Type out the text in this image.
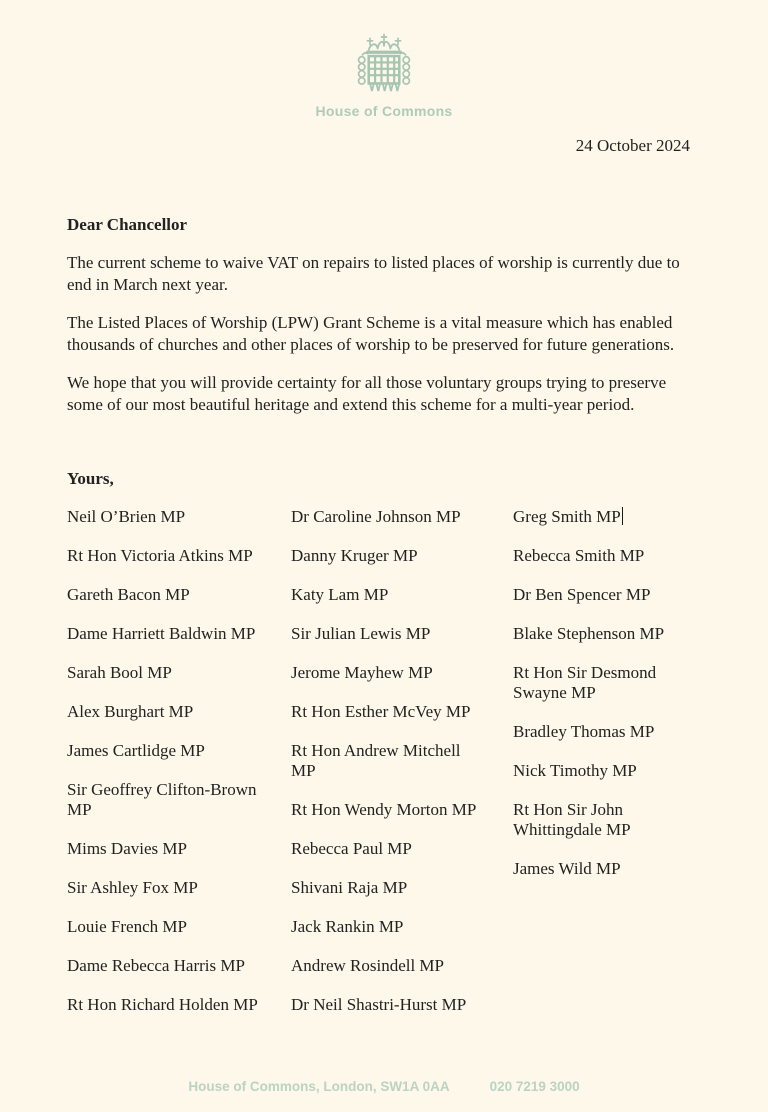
House of Commons
24 October 2024

Dear Chancellor

The current scheme to waive VAT on repairs to listed places of worship is currently due to end in March next year.

The Listed Places of Worship (LPW) Grant Scheme is a vital measure which has enabled thousands of churches and other places of worship to be preserved for future generations.

We hope that you will provide certainty for all those voluntary groups trying to preserve some of our most beautiful heritage and extend this scheme for a multi-year period.

Yours,

Neil O’Brien MP

Rt Hon Victoria Atkins MP

Gareth Bacon MP

Dame Harriett Baldwin MP

Sarah Bool MP

Alex Burghart MP

James Cartlidge MP

Sir Geoffrey Clifton-Brown MP

Mims Davies MP

Sir Ashley Fox MP

Louie French MP

Dame Rebecca Harris MP

Rt Hon Richard Holden MP

Dr Caroline Johnson MP

Danny Kruger MP

Katy Lam MP

Sir Julian Lewis MP

Jerome Mayhew MP

Rt Hon Esther McVey MP

Rt Hon Andrew Mitchell MP

Rt Hon Wendy Morton MP

Rebecca Paul MP

Shivani Raja MP

Jack Rankin MP

Andrew Rosindell MP

Dr Neil Shastri-Hurst MP

Greg Smith MP

Rebecca Smith MP

Dr Ben Spencer MP

Blake Stephenson MP

Rt Hon Sir Desmond Swayne MP

Bradley Thomas MP

Nick Timothy MP

Rt Hon Sir John Whittingdale MP

James Wild MP

House of Commons, London, SW1A 0AA	020 7219 3000
